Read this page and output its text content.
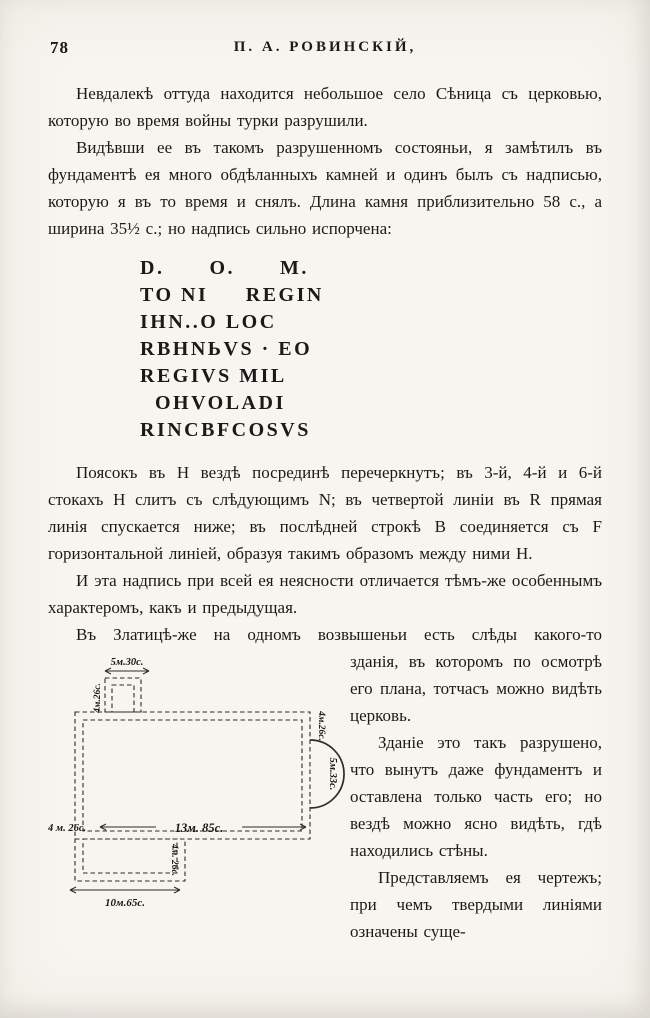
78	П. А. РОВИНСКІЙ,

Невдалекѣ оттуда находится небольшое село Сѣница съ церковью, которую во время войны турки разрушили.

Видѣвши ее въ такомъ разрушенномъ состояньи, я замѣтилъ въ фундаментѣ ея много обдѣланныхъ камней и одинъ былъ съ надписью, которую я въ то время и снялъ. Длина камня приблизительно 58 с., а ширина 35½ с.; но надпись сильно испорчена:

D.      O.      M.
TO NI     REGIN
IHN..O LOC
RBHNЬVS · EO
REGIVS MIL
OHVOLADI
RINCBFCOSVS

Поясокъ въ Н вездѣ посрединѣ перечеркнутъ; въ 3-й, 4-й и 6-й стокахъ Н слитъ съ слѣдующимъ N; въ четвертой линіи въ R прямая линія спускается ниже; въ послѣдней строкѣ В соединяется съ F горизонтальной линіей, образуя такимъ образомъ между ними Н.

И эта надпись при всей ея неясности отличается тѣмъ-же особеннымъ характеромъ, какъ и предыдущая.

Въ Златицѣ-же на одномъ возвышеньи есть слѣды какого-то

5м.30с.
4м.26с.
4м.26с.
5м.33с.
4 м. 26с.	13м. 85с.
4м. 26с.
10м.65с.

зданія, въ которомъ по осмотрѣ его плана, тотчасъ можно видѣть церковь.

Зданіе это такъ разрушено, что вынутъ даже фундаментъ и оставлена только часть его; но вездѣ можно ясно видѣть, гдѣ находились стѣны.

Представляемъ ея чертежъ; при чемъ твердыми линіями означены суще-
